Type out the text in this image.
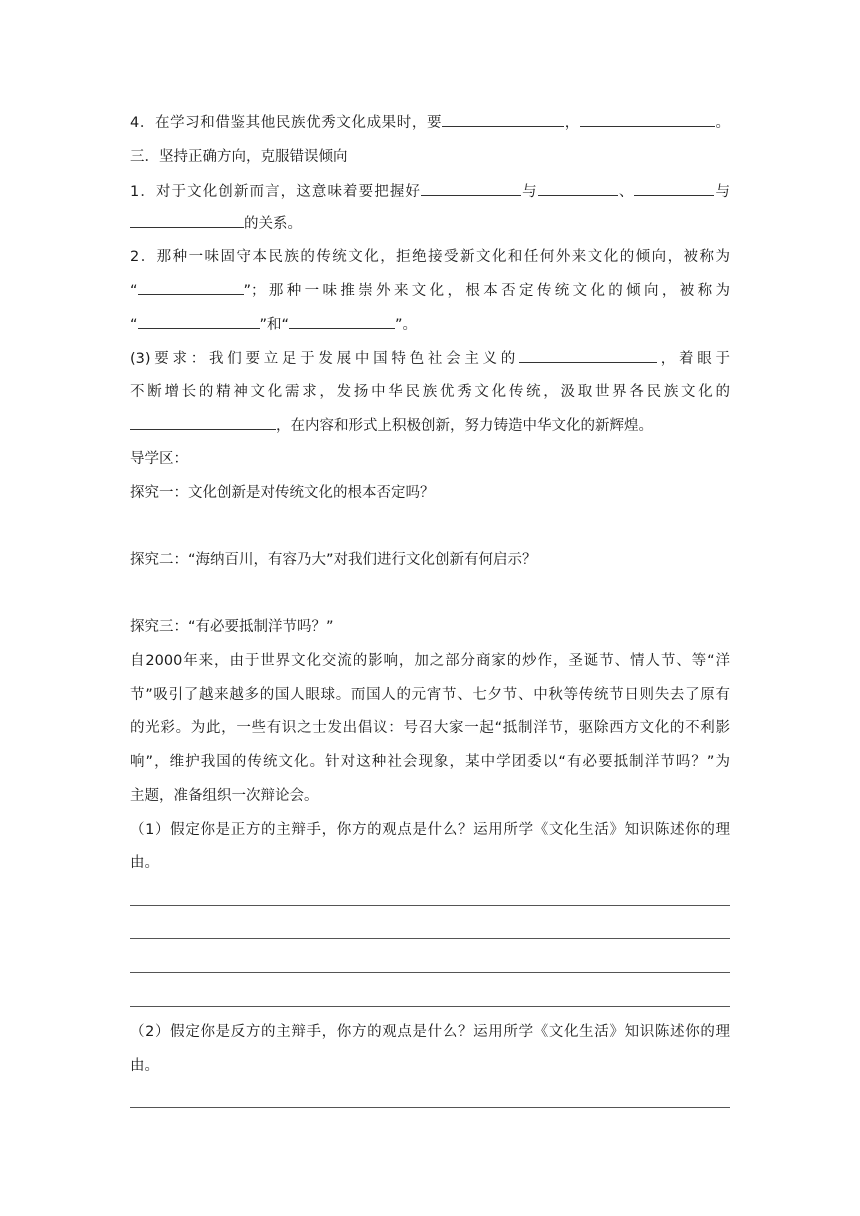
4．在学习和借鉴其他民族优秀文化成果时，要	，	。
三．坚持正确方向，克服错误倾向
1．对于文化创新而言，这意味着要把握好	与	、	与
的关系。
2．那种一味固守本民族的传统文化，拒绝接受新文化和任何外来文化的倾向，被称为
“	”；那种一味推崇外来文化，根本否定传统文化的倾向，被称为
“	”和“	”。
(3)要求：我们要立足于发展中国特色社会主义的	，着眼于
不断增长的精神文化需求，发扬中华民族优秀文化传统，汲取世界各民族文化的
，在内容和形式上积极创新，努力铸造中华文化的新辉煌。
导学区：
探究一：文化创新是对传统文化的根本否定吗？
探究二：“海纳百川，有容乃大”对我们进行文化创新有何启示？
探究三：“有必要抵制洋节吗？”
自2000年来，由于世界文化交流的影响，加之部分商家的炒作，圣诞节、情人节、等“洋
节”吸引了越来越多的国人眼球。而国人的元宵节、七夕节、中秋等传统节日则失去了原有
的光彩。为此，一些有识之士发出倡议：号召大家一起“抵制洋节，驱除西方文化的不利影
响”，维护我国的传统文化。针对这种社会现象，某中学团委以“有必要抵制洋节吗？”为
主题，准备组织一次辩论会。
（1）假定你是正方的主辩手，你方的观点是什么？运用所学《文化生活》知识陈述你的理
由。
（2）假定你是反方的主辩手，你方的观点是什么？运用所学《文化生活》知识陈述你的理
由。
